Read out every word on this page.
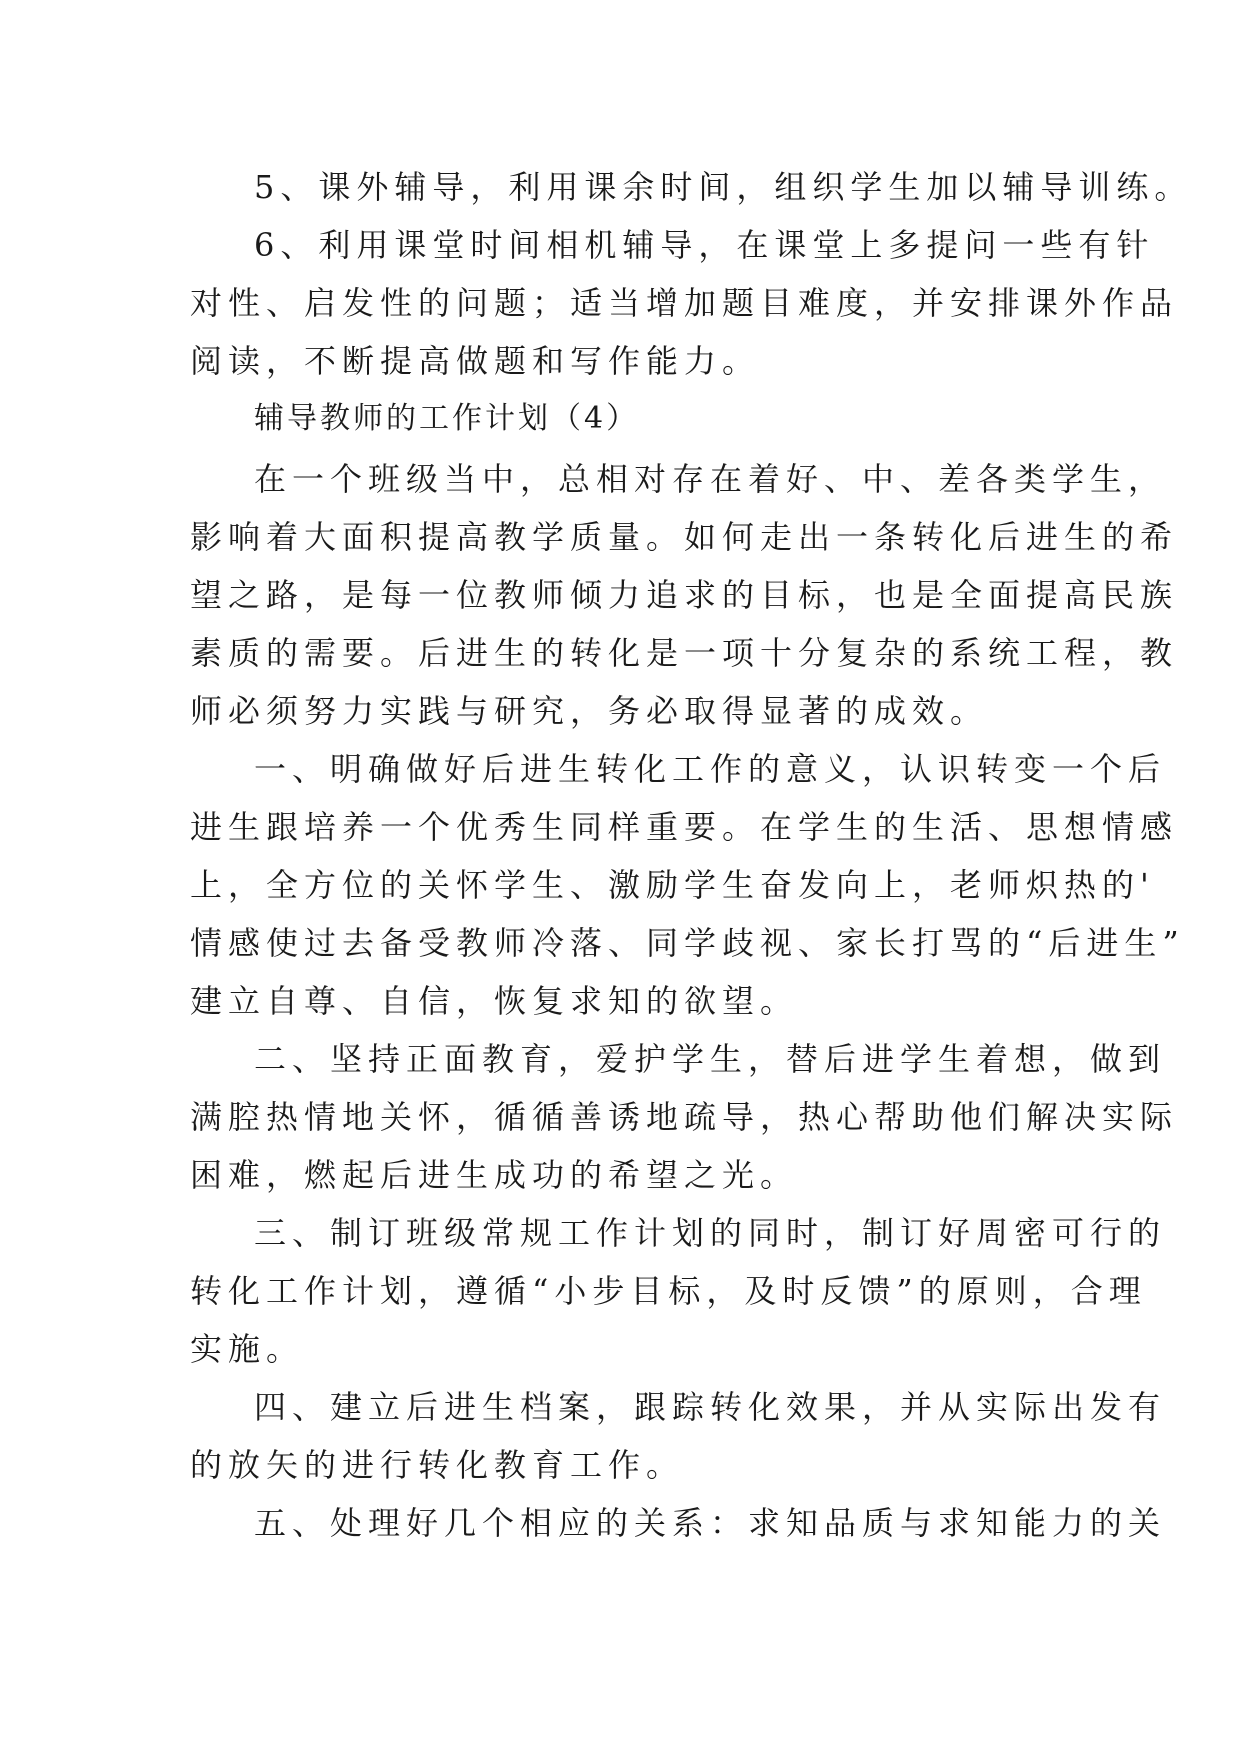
5、课外辅导，利用课余时间，组织学生加以辅导训练。
6、利用课堂时间相机辅导，在课堂上多提问一些有针
对性、启发性的问题；适当增加题目难度，并安排课外作品
阅读，不断提高做题和写作能力。
辅导教师的工作计划（4）
在一个班级当中，总相对存在着好、中、差各类学生，
影响着大面积提高教学质量。如何走出一条转化后进生的希
望之路，是每一位教师倾力追求的目标，也是全面提高民族
素质的需要。后进生的转化是一项十分复杂的系统工程，教
师必须努力实践与研究，务必取得显著的成效。
一、明确做好后进生转化工作的意义，认识转变一个后
进生跟培养一个优秀生同样重要。在学生的生活、思想情感
上，全方位的关怀学生、激励学生奋发向上，老师炽热的'
情感使过去备受教师冷落、同学歧视、家长打骂的“后进生”
建立自尊、自信，恢复求知的欲望。
二、坚持正面教育，爱护学生，替后进学生着想，做到
满腔热情地关怀，循循善诱地疏导，热心帮助他们解决实际
困难，燃起后进生成功的希望之光。
三、制订班级常规工作计划的同时，制订好周密可行的
转化工作计划，遵循“小步目标，及时反馈”的原则，合理
实施。
四、建立后进生档案，跟踪转化效果，并从实际出发有
的放矢的进行转化教育工作。
五、处理好几个相应的关系：求知品质与求知能力的关
